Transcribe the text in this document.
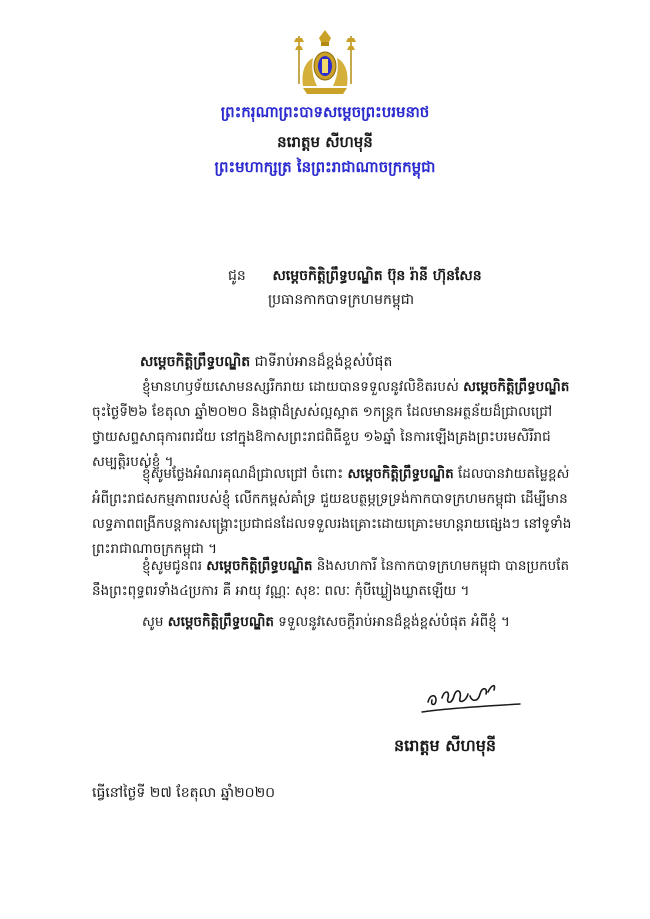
ព្រះករុណាព្រះបាទសម្តេចព្រះបរមនាថ
នរោត្តម សីហមុនី
ព្រះមហាក្សត្រ នៃព្រះរាជាណាចក្រកម្ពុជា
ជូន សម្តេចកិត្តិព្រឹទ្ធបណ្ឌិត ប៊ុន រ៉ានី ហ៊ុនសែន
ប្រធានកាកបាទក្រហមកម្ពុជា
សម្តេចកិត្តិព្រឹទ្ធបណ្ឌិត ជាទីរាប់អានដ៏ខ្ពង់ខ្ពស់បំផុត
ខ្ញុំមានហឫទ័យសោមនស្សរីករាយ ដោយបានទទួលនូវលិខិតរបស់ សម្តេចកិត្តិព្រឹទ្ធបណ្ឌិត ចុះថ្ងៃទី២៦ ខែតុលា ឆ្នាំ២០២០ និងផ្កាដ៏ស្រស់ល្អស្អាត ១កន្ត្រក ដែលមានអត្ថន័យដ៏ជ្រាលជ្រៅ ថ្វាយសព្ទសាធុការពរជ័យ នៅក្នុងឱកាសព្រះរាជពិធីខួប ១៦ឆ្នាំ នៃការឡើងគ្រងព្រះបរមសិរីរាជសម្បត្តិរបស់ខ្ញុំ ។
ខ្ញុំសូមថ្លែងអំណរគុណដ៏ជ្រាលជ្រៅ ចំពោះ សម្តេចកិត្តិព្រឹទ្ធបណ្ឌិត ដែលបានវាយតម្លៃខ្ពស់អំពីព្រះរាជសកម្មភាពរបស់ខ្ញុំ លើកកម្ពស់គាំទ្រ ជួយឧបត្ថម្ភទ្រទ្រង់កាកបាទក្រហមកម្ពុជា ដើម្បីមានលទ្ធភាពពង្រីកបន្តការសង្គ្រោះប្រជាជនដែលទទួលរងគ្រោះដោយគ្រោះមហន្តរាយផ្សេងៗ នៅទូទាំងព្រះរាជាណាចក្រកម្ពុជា ។
ខ្ញុំសូមជូនពរ សម្តេចកិត្តិព្រឹទ្ធបណ្ឌិត និងសហការី នៃកាកបាទក្រហមកម្ពុជា បានប្រកបតែនឹងព្រះពុទ្ធពរទាំង៤ប្រការ គឺ អាយុ វណ្ណៈ សុខៈ ពលៈ កុំបីឃ្លៀងឃ្លាតឡើយ ។
សូម សម្តេចកិត្តិព្រឹទ្ធបណ្ឌិត ទទួលនូវសេចក្តីរាប់អានដ៏ខ្ពង់ខ្ពស់បំផុត អំពីខ្ញុំ ។
នរោត្តម សីហមុនី
ធ្វើនៅថ្ងៃទី ២៧ ខែតុលា ឆ្នាំ២០២០
